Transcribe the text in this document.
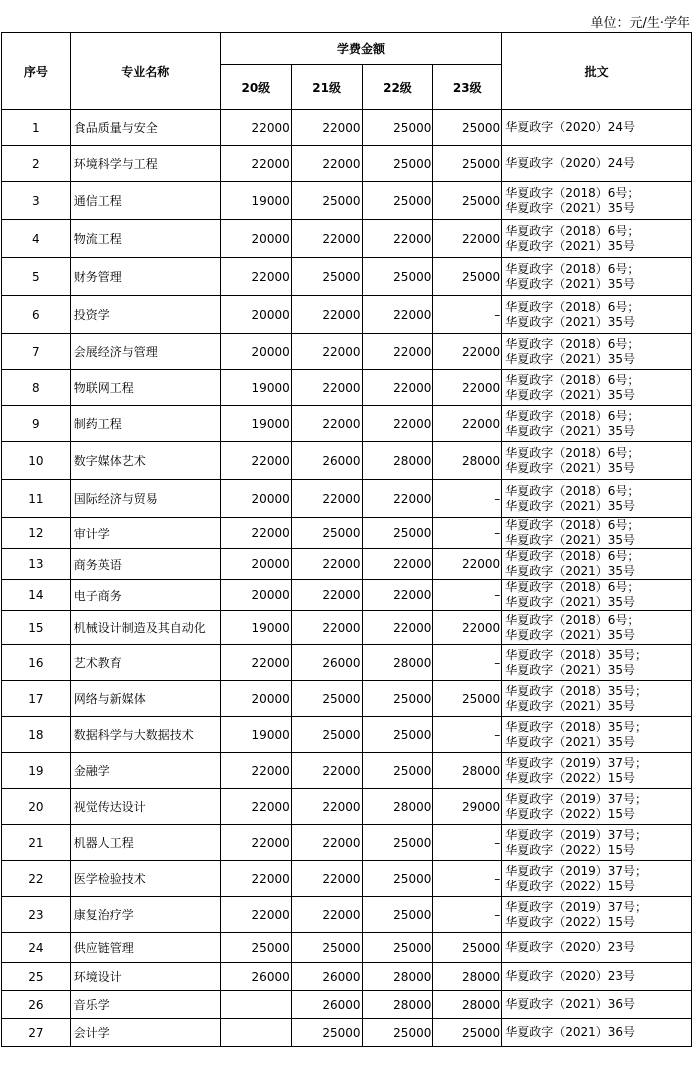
单位：元/生·学年
序号	专业名称	学费金额				批文
		20级	21级	22级	23级	
1	食品质量与安全	22000	22000	25000	25000	华夏政字（2020）24号

2	环境科学与工程	22000	22000	25000	25000	华夏政字（2020）24号

3	通信工程	19000	25000	25000	25000	华夏政字（2018）6号；
华夏政字（2021）35号

4	物流工程	20000	22000	22000	22000	华夏政字（2018）6号；
华夏政字（2021）35号

5	财务管理	22000	25000	25000	25000	华夏政字（2018）6号；
华夏政字（2021）35号

6	投资学	20000	22000	22000	–	华夏政字（2018）6号；
华夏政字（2021）35号

7	会展经济与管理	20000	22000	22000	22000	华夏政字（2018）6号；
华夏政字（2021）35号

8	物联网工程	19000	22000	22000	22000	华夏政字（2018）6号；
华夏政字（2021）35号

9	制药工程	19000	22000	22000	22000	华夏政字（2018）6号；
华夏政字（2021）35号

10	数字媒体艺术	22000	26000	28000	28000	华夏政字（2018）6号；
华夏政字（2021）35号

11	国际经济与贸易	20000	22000	22000	–	华夏政字（2018）6号；
华夏政字（2021）35号

12	审计学	22000	25000	25000	–	华夏政字（2018）6号；
华夏政字（2021）35号

13	商务英语	20000	22000	22000	22000	华夏政字（2018）6号；
华夏政字（2021）35号

14	电子商务	20000	22000	22000	–	华夏政字（2018）6号；
华夏政字（2021）35号

15	机械设计制造及其自动化	19000	22000	22000	22000	华夏政字（2018）6号；
华夏政字（2021）35号

16	艺术教育	22000	26000	28000	–	华夏政字（2018）35号；
华夏政字（2021）35号

17	网络与新媒体	20000	25000	25000	25000	华夏政字（2018）35号；
华夏政字（2021）35号

18	数据科学与大数据技术	19000	25000	25000	–	华夏政字（2018）35号；
华夏政字（2021）35号

19	金融学	22000	22000	25000	28000	华夏政字（2019）37号；
华夏政字（2022）15号

20	视觉传达设计	22000	22000	28000	29000	华夏政字（2019）37号；
华夏政字（2022）15号

21	机器人工程	22000	22000	25000	–	华夏政字（2019）37号；
华夏政字（2022）15号

22	医学检验技术	22000	22000	25000	–	华夏政字（2019）37号；
华夏政字（2022）15号

23	康复治疗学	22000	22000	25000	–	华夏政字（2019）37号；
华夏政字（2022）15号

24	供应链管理	25000	25000	25000	25000	华夏政字（2020）23号

25	环境设计	26000	26000	28000	28000	华夏政字（2020）23号

26	音乐学		26000	28000	28000	华夏政字（2021）36号

27	会计学		25000	25000	25000	华夏政字（2021）36号
